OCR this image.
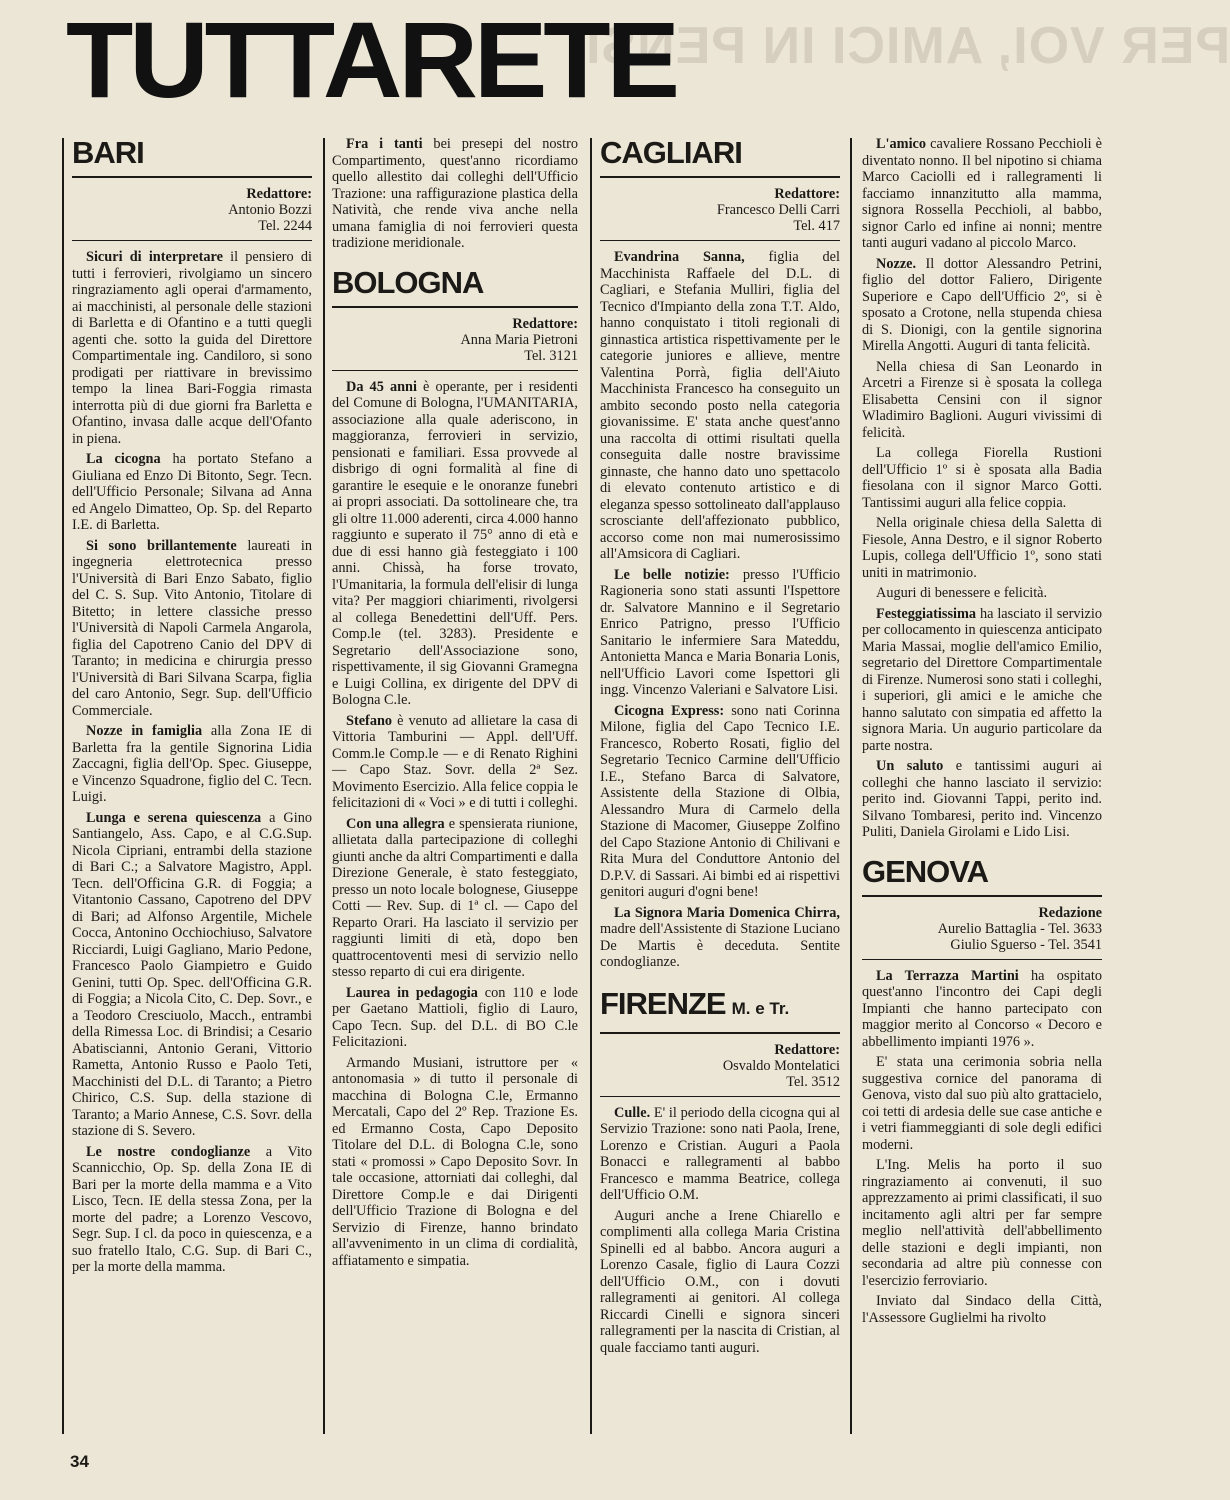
PER VOI, AMICI IN PENSI
TUTTARETE
BARI
Redattore:
Antonio Bozzi
Tel. 2244

Sicuri di interpretare il pensiero di tutti i ferrovieri, rivolgiamo un sincero ringraziamento agli operai d'armamento, ai macchinisti, al personale delle stazioni di Barletta e di Ofantino e a tutti quegli agenti che. sotto la guida del Direttore Compartimentale ing. Candiloro, si sono prodigati per riattivare in brevissimo tempo la linea Bari-Foggia rimasta interrotta più di due giorni fra Barletta e Ofantino, invasa dalle acque dell'Ofanto in piena.

La cicogna ha portato Stefano a Giuliana ed Enzo Di Bitonto, Segr. Tecn. dell'Ufficio Personale; Silvana ad Anna ed Angelo Dimatteo, Op. Sp. del Reparto I.E. di Barletta.

Si sono brillantemente laureati in ingegneria elettrotecnica presso l'Università di Bari Enzo Sabato, figlio del C. S. Sup. Vito Antonio, Titolare di Bitetto; in lettere classiche presso l'Università di Napoli Carmela Angarola, figlia del Capotreno Canio del DPV di Taranto; in medicina e chirurgia presso l'Università di Bari Silvana Scarpa, figlia del caro Antonio, Segr. Sup. dell'Ufficio Commerciale.

Nozze in famiglia alla Zona IE di Barletta fra la gentile Signorina Lidia Zaccagni, figlia dell'Op. Spec. Giuseppe, e Vincenzo Squadrone, figlio del C. Tecn. Luigi.

Lunga e serena quiescenza a Gino Santiangelo, Ass. Capo, e al C.G.Sup. Nicola Cipriani, entrambi della stazione di Bari C.; a Salvatore Magistro, Appl. Tecn. dell'Officina G.R. di Foggia; a Vitantonio Cassano, Capotreno del DPV di Bari; ad Alfonso Argentile, Michele Cocca, Antonino Occhiochiuso, Salvatore Ricciardi, Luigi Gagliano, Mario Pedone, Francesco Paolo Giampietro e Guido Genini, tutti Op. Spec. dell'Officina G.R. di Foggia; a Nicola Cito, C. Dep. Sovr., e a Teodoro Cresciuolo, Macch., entrambi della Rimessa Loc. di Brindisi; a Cesario Abatiscianni, Antonio Gerani, Vittorio Rametta, Antonio Russo e Paolo Teti, Macchinisti del D.L. di Taranto; a Pietro Chirico, C.S. Sup. della stazione di Taranto; a Mario Annese, C.S. Sovr. della stazione di S. Severo.

Le nostre condoglianze a Vito Scannicchio, Op. Sp. della Zona IE di Bari per la morte della mamma e a Vito Lisco, Tecn. IE della stessa Zona, per la morte del padre; a Lorenzo Vescovo, Segr. Sup. I cl. da poco in quiescenza, e a suo fratello Italo, C.G. Sup. di Bari C., per la morte della mamma.

Fra i tanti bei presepi del nostro Compartimento, quest'anno ricordiamo quello allestito dai colleghi dell'Ufficio Trazione: una raffigurazione plastica della Natività, che rende viva anche nella umana famiglia di noi ferrovieri questa tradizione meridionale.

BOLOGNA
Redattore:
Anna Maria Pietroni
Tel. 3121

Da 45 anni è operante, per i residenti del Comune di Bologna, l'UMANITARIA, associazione alla quale aderiscono, in maggioranza, ferrovieri in servizio, pensionati e familiari. Essa provvede al disbrigo di ogni formalità al fine di garantire le esequie e le onoranze funebri ai propri associati. Da sottolineare che, tra gli oltre 11.000 aderenti, circa 4.000 hanno raggiunto e superato il 75° anno di età e due di essi hanno già festeggiato i 100 anni. Chissà, ha forse trovato, l'Umanitaria, la formula dell'elisir di lunga vita? Per maggiori chiarimenti, rivolgersi al collega Benedettini dell'Uff. Pers. Comp.le (tel. 3283). Presidente e Segretario dell'Associazione sono, rispettivamente, il sig Giovanni Gramegna e Luigi Collina, ex dirigente del DPV di Bologna C.le.

Stefano è venuto ad allietare la casa di Vittoria Tamburini — Appl. dell'Uff. Comm.le Comp.le — e di Renato Righini — Capo Staz. Sovr. della 2ª Sez. Movimento Esercizio. Alla felice coppia le felicitazioni di « Voci » e di tutti i colleghi.

Con una allegra e spensierata riunione, allietata dalla partecipazione di colleghi giunti anche da altri Compartimenti e dalla Direzione Generale, è stato festeggiato, presso un noto locale bolognese, Giuseppe Cotti — Rev. Sup. di 1ª cl. — Capo del Reparto Orari. Ha lasciato il servizio per raggiunti limiti di età, dopo ben quattrocentoventi mesi di servizio nello stesso reparto di cui era dirigente.

Laurea in pedagogia con 110 e lode per Gaetano Mattioli, figlio di Lauro, Capo Tecn. Sup. del D.L. di BO C.le Felicitazioni.

Armando Musiani, istruttore per « antonomasia » di tutto il personale di macchina di Bologna C.le, Ermanno Mercatali, Capo del 2º Rep. Trazione Es. ed Ermanno Costa, Capo Deposito Titolare del D.L. di Bologna C.le, sono stati « promossi » Capo Deposito Sovr. In tale occasione, attorniati dai colleghi, dal Direttore Comp.le e dai Dirigenti dell'Ufficio Trazione di Bologna e del Servizio di Firenze, hanno brindato all'avvenimento in un clima di cordialità, affiatamento e simpatia.

CAGLIARI
Redattore:
Francesco Delli Carri
Tel. 417

Evandrina Sanna, figlia del Macchinista Raffaele del D.L. di Cagliari, e Stefania Mulliri, figlia del Tecnico d'Impianto della zona T.T. Aldo, hanno conquistato i titoli regionali di ginnastica artistica rispettivamente per le categorie juniores e allieve, mentre Valentina Porrà, figlia dell'Aiuto Macchinista Francesco ha conseguito un ambito secondo posto nella categoria giovanissime. E' stata anche quest'anno una raccolta di ottimi risultati quella conseguita dalle nostre bravissime ginnaste, che hanno dato uno spettacolo di elevato contenuto artistico e di eleganza spesso sottolineato dall'applauso scrosciante dell'affezionato pubblico, accorso come non mai numerosissimo all'Amsicora di Cagliari.

Le belle notizie: presso l'Ufficio Ragioneria sono stati assunti l'Ispettore dr. Salvatore Mannino e il Segretario Enrico Patrigno, presso l'Ufficio Sanitario le infermiere Sara Mateddu, Antonietta Manca e Maria Bonaria Lonis, nell'Ufficio Lavori come Ispettori gli ingg. Vincenzo Valeriani e Salvatore Lisi.

Cicogna Express: sono nati Corinna Milone, figlia del Capo Tecnico I.E. Francesco, Roberto Rosati, figlio del Segretario Tecnico Carmine dell'Ufficio I.E., Stefano Barca di Salvatore, Assistente della Stazione di Olbia, Alessandro Mura di Carmelo della Stazione di Macomer, Giuseppe Zolfino del Capo Stazione Antonio di Chilivani e Rita Mura del Conduttore Antonio del D.P.V. di Sassari. Ai bimbi ed ai rispettivi genitori auguri d'ogni bene!

La Signora Maria Domenica Chirra, madre dell'Assistente di Stazione Luciano De Martis è deceduta. Sentite condoglianze.

FIRENZE M. e Tr.
Redattore:
Osvaldo Montelatici
Tel. 3512

Culle. E' il periodo della cicogna qui al Servizio Trazione: sono nati Paola, Irene, Lorenzo e Cristian. Auguri a Paola Bonacci e rallegramenti al babbo Francesco e mamma Beatrice, collega dell'Ufficio O.M.

Auguri anche a Irene Chiarello e complimenti alla collega Maria Cristina Spinelli ed al babbo. Ancora auguri a Lorenzo Casale, figlio di Laura Cozzi dell'Ufficio O.M., con i dovuti rallegramenti ai genitori. Al collega Riccardi Cinelli e signora sinceri rallegramenti per la nascita di Cristian, al quale facciamo tanti auguri.

L'amico cavaliere Rossano Pecchioli è diventato nonno. Il bel nipotino si chiama Marco Caciolli ed i rallegramenti li facciamo innanzitutto alla mamma, signora Rossella Pecchioli, al babbo, signor Carlo ed infine ai nonni; mentre tanti auguri vadano al piccolo Marco.

Nozze. Il dottor Alessandro Petrini, figlio del dottor Faliero, Dirigente Superiore e Capo dell'Ufficio 2º, si è sposato a Crotone, nella stupenda chiesa di S. Dionigi, con la gentile signorina Mirella Angotti. Auguri di tanta felicità.

Nella chiesa di San Leonardo in Arcetri a Firenze si è sposata la collega Elisabetta Censini con il signor Wladimiro Baglioni. Auguri vivissimi di felicità.

La collega Fiorella Rustioni dell'Ufficio 1º si è sposata alla Badia fiesolana con il signor Marco Gotti. Tantissimi auguri alla felice coppia.

Nella originale chiesa della Saletta di Fiesole, Anna Destro, e il signor Roberto Lupis, collega dell'Ufficio 1º, sono stati uniti in matrimonio.

Auguri di benessere e felicità.

Festeggiatissima ha lasciato il servizio per collocamento in quiescenza anticipato Maria Massai, moglie dell'amico Emilio, segretario del Direttore Compartimentale di Firenze. Numerosi sono stati i colleghi, i superiori, gli amici e le amiche che hanno salutato con simpatia ed affetto la signora Maria. Un augurio particolare da parte nostra.

Un saluto e tantissimi auguri ai colleghi che hanno lasciato il servizio: perito ind. Giovanni Tappi, perito ind. Silvano Tombaresi, perito ind. Vincenzo Puliti, Daniela Girolami e Lido Lisi.

GENOVA
Redazione
Aurelio Battaglia - Tel. 3633
Giulio Sguerso - Tel. 3541

La Terrazza Martini ha ospitato quest'anno l'incontro dei Capi degli Impianti che hanno partecipato con maggior merito al Concorso « Decoro e abbellimento impianti 1976 ».

E' stata una cerimonia sobria nella suggestiva cornice del panorama di Genova, visto dal suo più alto grattacielo, coi tetti di ardesia delle sue case antiche e i vetri fiammeggianti di sole degli edifici moderni.

L'Ing. Melis ha porto il suo ringraziamento ai convenuti, il suo apprezzamento ai primi classificati, il suo incitamento agli altri per far sempre meglio nell'attività dell'abbellimento delle stazioni e degli impianti, non secondaria ad altre più connesse con l'esercizio ferroviario.

Inviato dal Sindaco della Città, l'Assessore Guglielmi ha rivolto

34
